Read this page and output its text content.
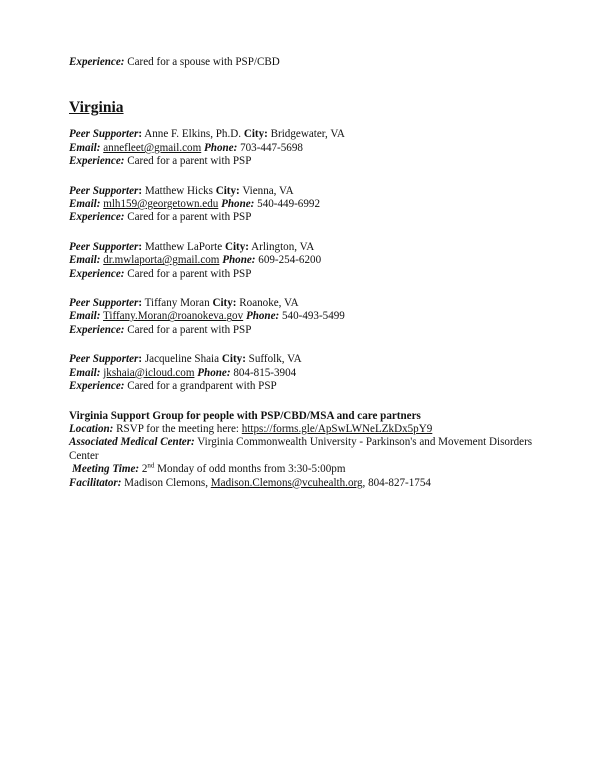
Experience: Cared for a spouse with PSP/CBD
Virginia
Peer Supporter: Anne F. Elkins, Ph.D. City: Bridgewater, VA
Email: annefleet@gmail.com Phone: 703-447-5698
Experience: Cared for a parent with PSP
Peer Supporter: Matthew Hicks City: Vienna, VA
Email: mlh159@georgetown.edu Phone: 540-449-6992
Experience: Cared for a parent with PSP
Peer Supporter: Matthew LaPorte City: Arlington, VA
Email: dr.mwlaporta@gmail.com Phone: 609-254-6200
Experience: Cared for a parent with PSP
Peer Supporter: Tiffany Moran City: Roanoke, VA
Email: Tiffany.Moran@roanokeva.gov Phone: 540-493-5499
Experience: Cared for a parent with PSP
Peer Supporter: Jacqueline Shaia City: Suffolk, VA
Email: jkshaia@icloud.com Phone: 804-815-3904
Experience: Cared for a grandparent with PSP
Virginia Support Group for people with PSP/CBD/MSA and care partners
Location: RSVP for the meeting here: https://forms.gle/ApSwLWNeLZkDx5pY9
Associated Medical Center: Virginia Commonwealth University - Parkinson's and Movement Disorders Center
Meeting Time: 2nd Monday of odd months from 3:30-5:00pm
Facilitator: Madison Clemons, Madison.Clemons@vcuhealth.org, 804-827-1754
